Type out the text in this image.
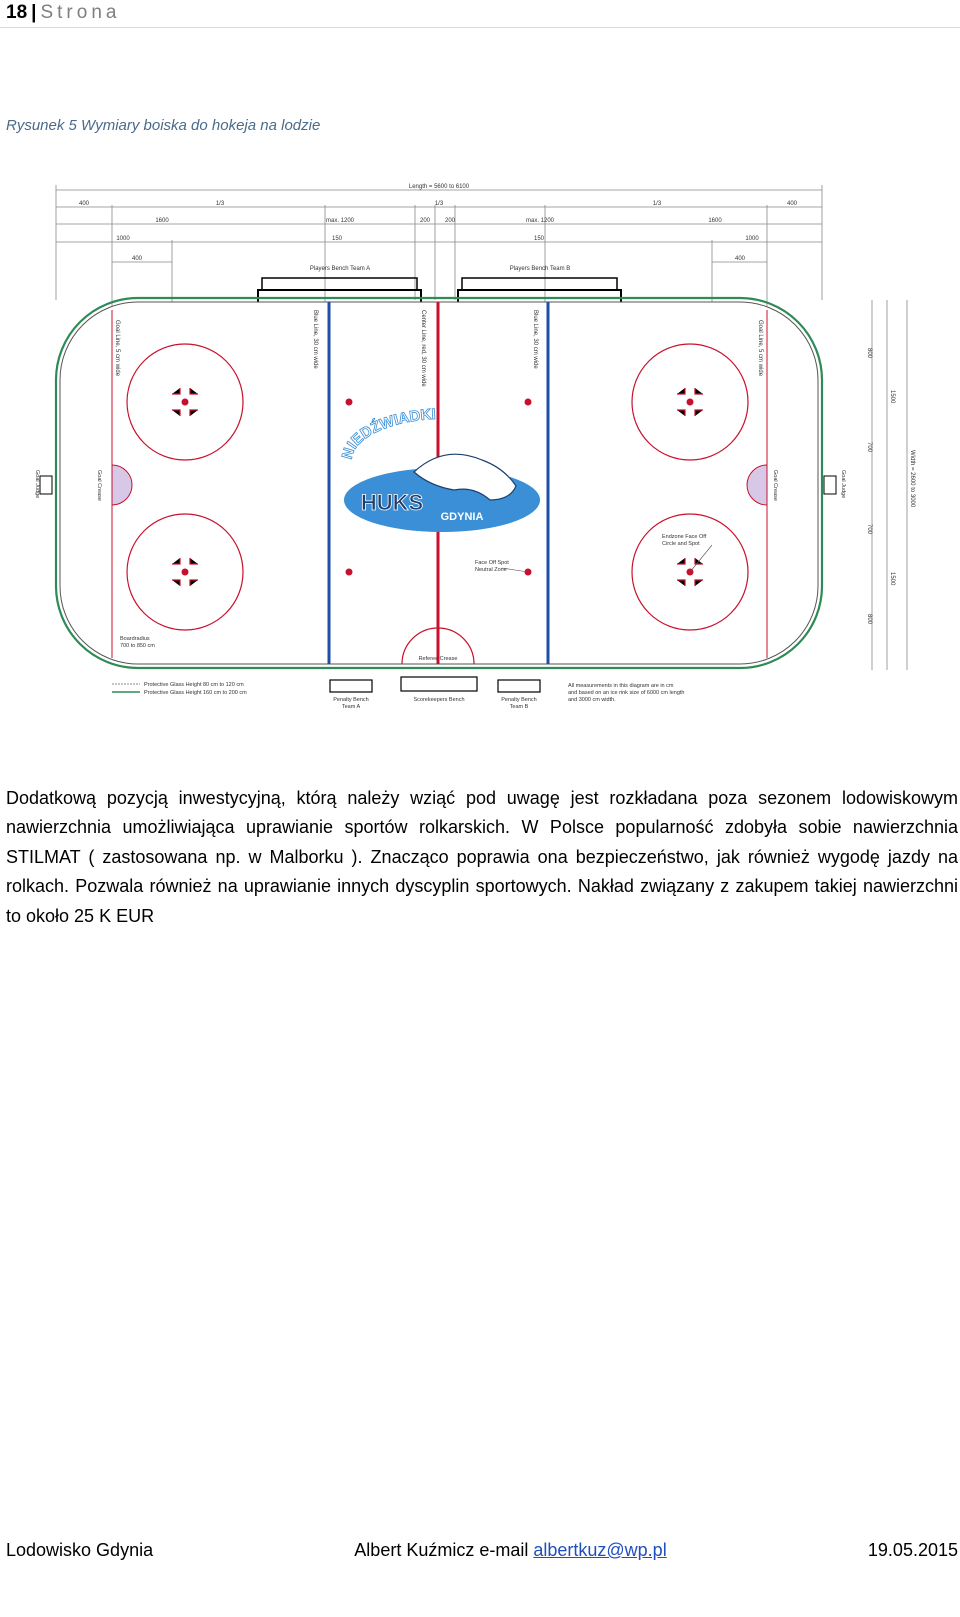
18 | Strona
Rysunek 5 Wymiary boiska do hokeja na lodzie
Length = 5600 to 6100
400	1/3	1/3	1/3	400
1600	max. 1200	200 200	max. 1200	1600
1000	150	150	1000
400	400
Players Bench Team A	Players Bench Team B
Goal Line, 5 cm wide	Blue Line, 30 cm wide	Center Line, red, 30 cm wide	Blue Line, 30 cm wide	Goal Line, 5 cm wide
Goal Crease	Goal Crease
Goal Judge	Goal Judge
Referee Crease
Penalty Bench
Team A
Scorekeepers Bench	Penalty Bench
Team B
Boardradius
700 to 850 cm
Endzone Face Off
Circle and Spot
Face Off Spot
Neutral Zone
800
700
700
800
1500
1500
Width = 2600 to 3000
NIEDŹWIADKI
HUKS
GDYNIA
Protective Glass Height 80 cm to 120 cm
Protective Glass Height 160 cm to 200 cm
All measurements in this diagram are in cm
and based on an ice rink size of 6000 cm length
and 3000 cm width.
Dodatkową pozycją inwestycyjną, którą należy wziąć pod uwagę jest rozkładana poza sezonem lodowiskowym nawierzchnia umożliwiająca uprawianie sportów rolkarskich. W Polsce popularność zdobyła sobie nawierzchnia STILMAT ( zastosowana np. w Malborku ). Znacząco poprawia ona bezpieczeństwo, jak również wygodę jazdy na rolkach. Pozwala również na uprawianie innych dyscyplin sportowych. Nakład związany z zakupem takiej nawierzchni to około 25 K EUR
Lodowisko Gdynia	Albert Kuźmicz e-mail albertkuz@wp.pl	19.05.2015
